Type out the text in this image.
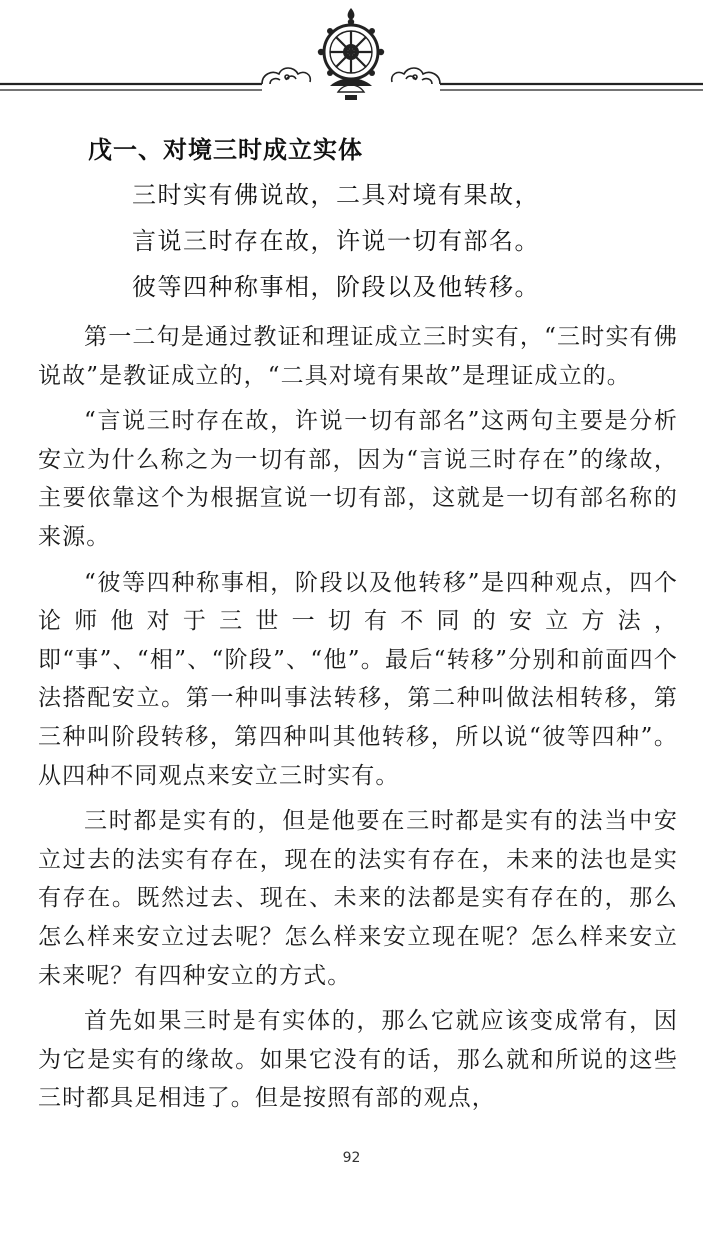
戊一、对境三时成立实体
三时实有佛说故，二具对境有果故，
言说三时存在故，许说一切有部名。
彼等四种称事相，阶段以及他转移。

第一二句是通过教证和理证成立三时实有，“三时实有佛说故”是教证成立的，“二具对境有果故”是理证成立的。

“言说三时存在故，许说一切有部名”这两句主要是分析安立为什么称之为一切有部，因为“言说三时存在”的缘故，主要依靠这个为根据宣说一切有部，这就是一切有部名称的来源。

“彼等四种称事相，阶段以及他转移”是四种观点，四个论师他对于三世一切有不同的安立方法，即“事”、“相”、“阶段”、“他”。最后“转移”分别和前面四个法搭配安立。第一种叫事法转移，第二种叫做法相转移，第三种叫阶段转移，第四种叫其他转移，所以说“彼等四种”。从四种不同观点来安立三时实有。

三时都是实有的，但是他要在三时都是实有的法当中安立过去的法实有存在，现在的法实有存在，未来的法也是实有存在。既然过去、现在、未来的法都是实有存在的，那么怎么样来安立过去呢？怎么样来安立现在呢？怎么样来安立未来呢？有四种安立的方式。

首先如果三时是有实体的，那么它就应该变成常有，因为它是实有的缘故。如果它没有的话，那么就和所说的这些三时都具足相违了。但是按照有部的观点，

92
